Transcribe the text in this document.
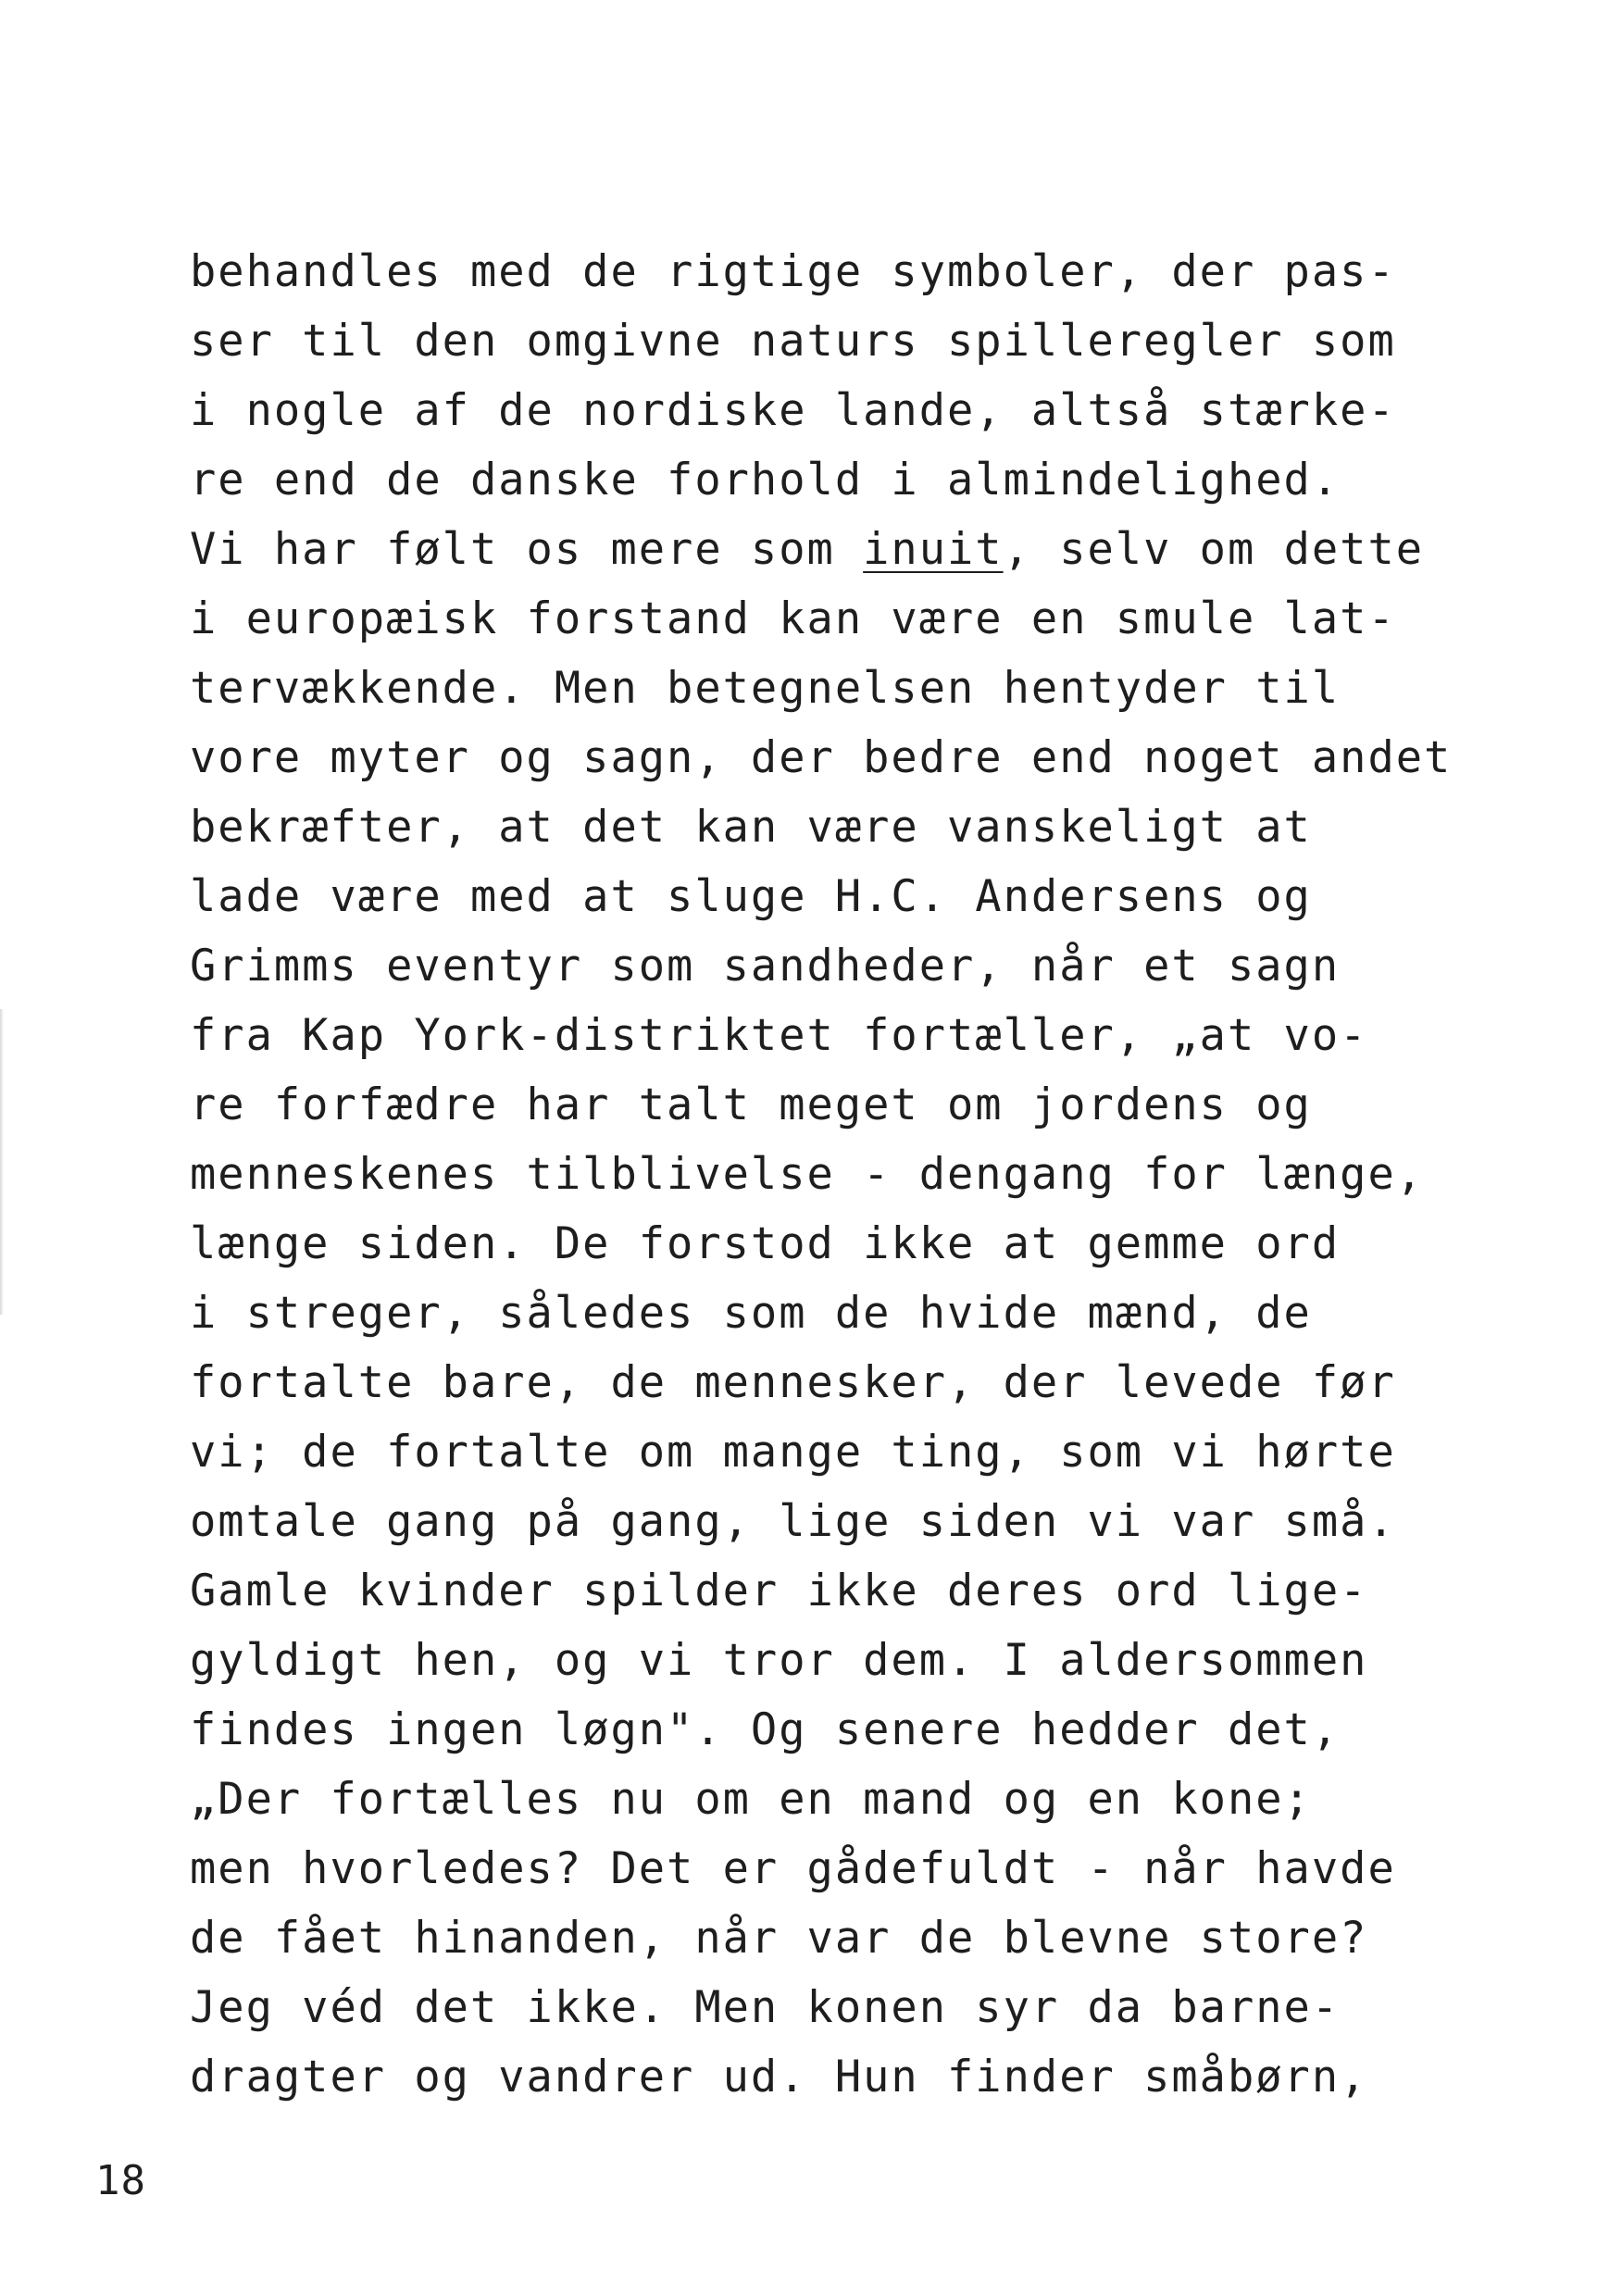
behandles med de rigtige symboler, der pas-
ser til den omgivne naturs spilleregler som
i nogle af de nordiske lande, altså stærke-
re end de danske forhold i almindelighed.
Vi har følt os mere som inuit, selv om dette
i europæisk forstand kan være en smule lat-
tervækkende. Men betegnelsen hentyder til
vore myter og sagn, der bedre end noget andet
bekræfter, at det kan være vanskeligt at
lade være med at sluge H.C. Andersens og
Grimms eventyr som sandheder, når et sagn
fra Kap York-distriktet fortæller, „at vo-
re forfædre har talt meget om jordens og
menneskenes tilblivelse - dengang for længe,
længe siden. De forstod ikke at gemme ord
i streger, således som de hvide mænd, de
fortalte bare, de mennesker, der levede før
vi; de fortalte om mange ting, som vi hørte
omtale gang på gang, lige siden vi var små.
Gamle kvinder spilder ikke deres ord lige-
gyldigt hen, og vi tror dem. I aldersommen
findes ingen løgn". Og senere hedder det,
„Der fortælles nu om en mand og en kone;
men hvorledes? Det er gådefuldt - når havde
de fået hinanden, når var de blevne store?
Jeg véd det ikke. Men konen syr da barne-
dragter og vandrer ud. Hun finder småbørn,
18
